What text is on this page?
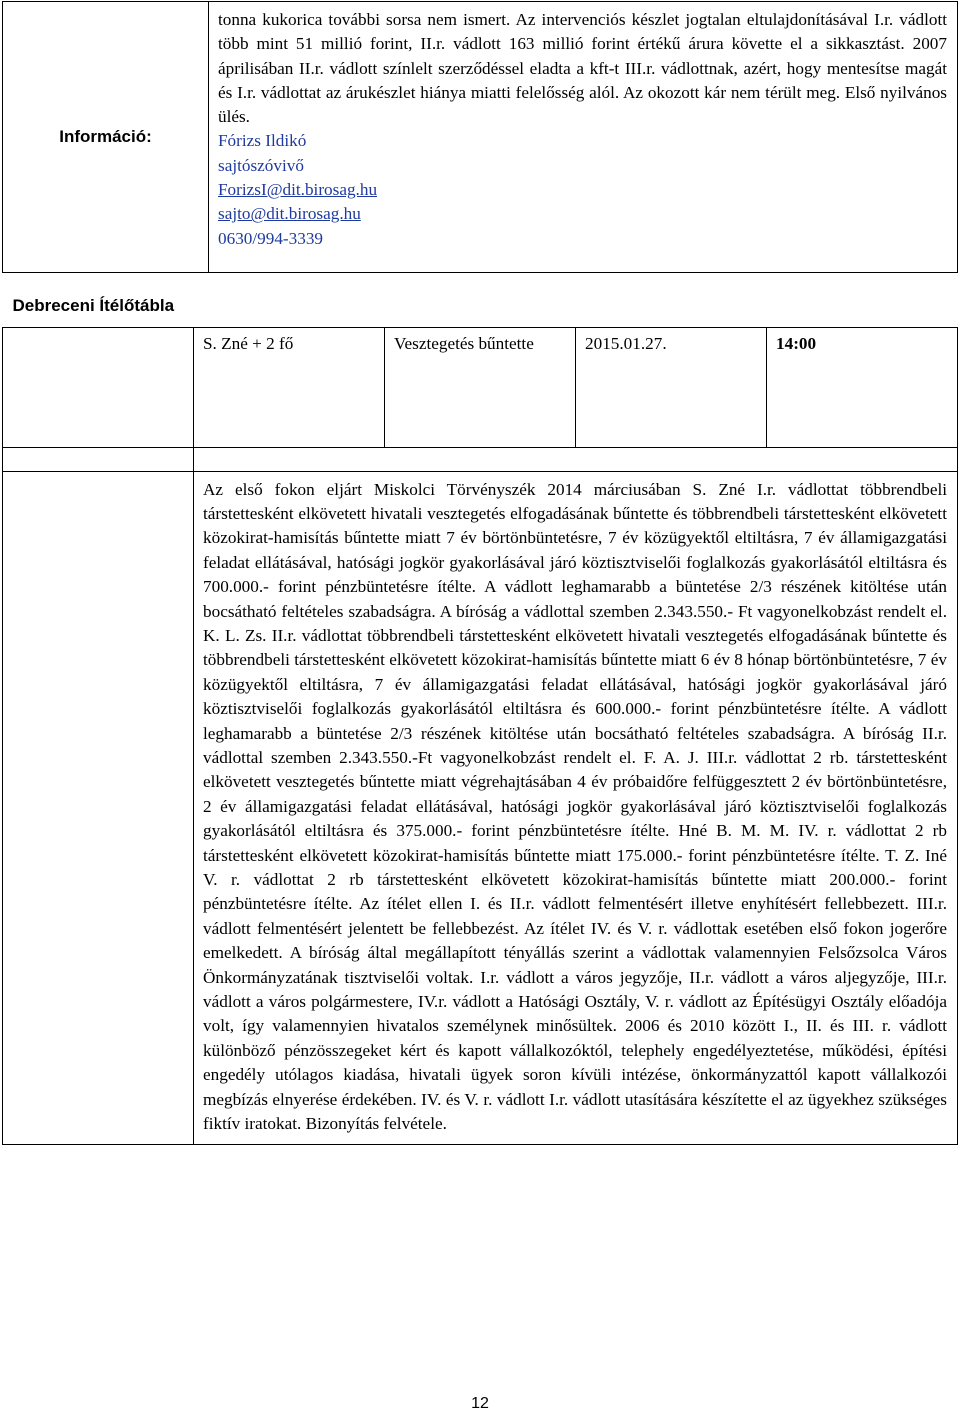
Információ:	

tonna kukorica további sorsa nem ismert. Az intervenciós készlet jogtalan eltulajdonításával I.r. vádlott több mint 51 millió forint, II.r. vádlott 163 millió forint értékű árura követte el a sikkasztást. 2007 áprilisában II.r. vádlott színlelt szerződéssel eladta a kft-t III.r. vádlottnak, azért, hogy mentesítse magát és I.r. vádlottat az árukészlet hiánya miatti felelősség alól. Az okozott kár nem térült meg. Első nyilvános ülés.

Fórizs Ildikó
sajtószóvivő
ForizsI@dit.birosag.hu
sajto@dit.birosag.hu
0630/994-3339
Debreceni Ítélőtábla				
	S. Zné + 2 fő	Vesztegetés bűntette	2015.01.27.	14:00

	Az első fokon eljárt Miskolci Törvényszék 2014 márciusában S. Zné I.r. vádlottat többrendbeli társtettesként elkövetett hivatali vesztegetés elfogadásának bűntette és többrendbeli társtettesként elkövetett közokirat-hamisítás bűntette miatt 7 év börtönbüntetésre, 7 év közügyektől eltiltásra, 7 év államigazgatási feladat ellátásával, hatósági jogkör gyakorlásával járó köztisztviselői foglalkozás gyakorlásától eltiltásra és 700.000.- forint pénzbüntetésre ítélte. A vádlott leghamarabb a büntetése 2/3 részének kitöltése után bocsátható feltételes szabadságra. A bíróság a vádlottal szemben 2.343.550.- Ft vagyonelkobzást rendelt el. K. L. Zs. II.r. vádlottat többrendbeli társtettesként elkövetett hivatali vesztegetés elfogadásának bűntette és többrendbeli társtettesként elkövetett közokirat-hamisítás bűntette miatt 6 év 8 hónap börtönbüntetésre, 7 év közügyektől eltiltásra, 7 év államigazgatási feladat ellátásával, hatósági jogkör gyakorlásával járó köztisztviselői foglalkozás gyakorlásától eltiltásra és 600.000.- forint pénzbüntetésre ítélte. A vádlott leghamarabb a büntetése 2/3 részének kitöltése után bocsátható feltételes szabadságra. A bíróság II.r. vádlottal szemben 2.343.550.-Ft vagyonelkobzást rendelt el. F. A. J. III.r. vádlottat 2 rb. társtettesként elkövetett vesztegetés bűntette miatt végrehajtásában 4 év próbaidőre felfüggesztett 2 év börtönbüntetésre, 2 év államigazgatási feladat ellátásával, hatósági jogkör gyakorlásával járó köztisztviselői foglalkozás gyakorlásától eltiltásra és 375.000.- forint pénzbüntetésre ítélte. Hné B. M. M. IV. r. vádlottat 2 rb társtettesként elkövetett közokirat-hamisítás bűntette miatt 175.000.- forint pénzbüntetésre ítélte. T. Z. Iné V. r. vádlottat 2 rb társtettesként elkövetett közokirat-hamisítás bűntette miatt 200.000.- forint pénzbüntetésre ítélte. Az ítélet ellen I. és II.r. vádlott felmentésért illetve enyhítésért fellebbezett. III.r. vádlott felmentésért jelentett be fellebbezést. Az ítélet IV. és V. r. vádlottak esetében első fokon jogerőre emelkedett. A bíróság által megállapított tényállás szerint a vádlottak valamennyien Felsőzsolca Város Önkormányzatának tisztviselői voltak. I.r. vádlott a város jegyzője, II.r. vádlott a város aljegyzője, III.r. vádlott a város polgármestere, IV.r. vádlott a Hatósági Osztály, V. r. vádlott az Építésügyi Osztály előadója volt, így valamennyien hivatalos személynek minősültek. 2006 és 2010 között I., II. és III. r. vádlott különböző pénzösszegeket kért és kapott vállalkozóktól, telephely engedélyeztetése, működési, építési engedély utólagos kiadása, hivatali ügyek soron kívüli intézése, önkormányzattól kapott vállalkozói megbízás elnyerése érdekében. IV. és V. r. vádlott I.r. vádlott utasítására készítette el az ügyekhez szükséges fiktív iratokat. Bizonyítás felvétele.			

12
